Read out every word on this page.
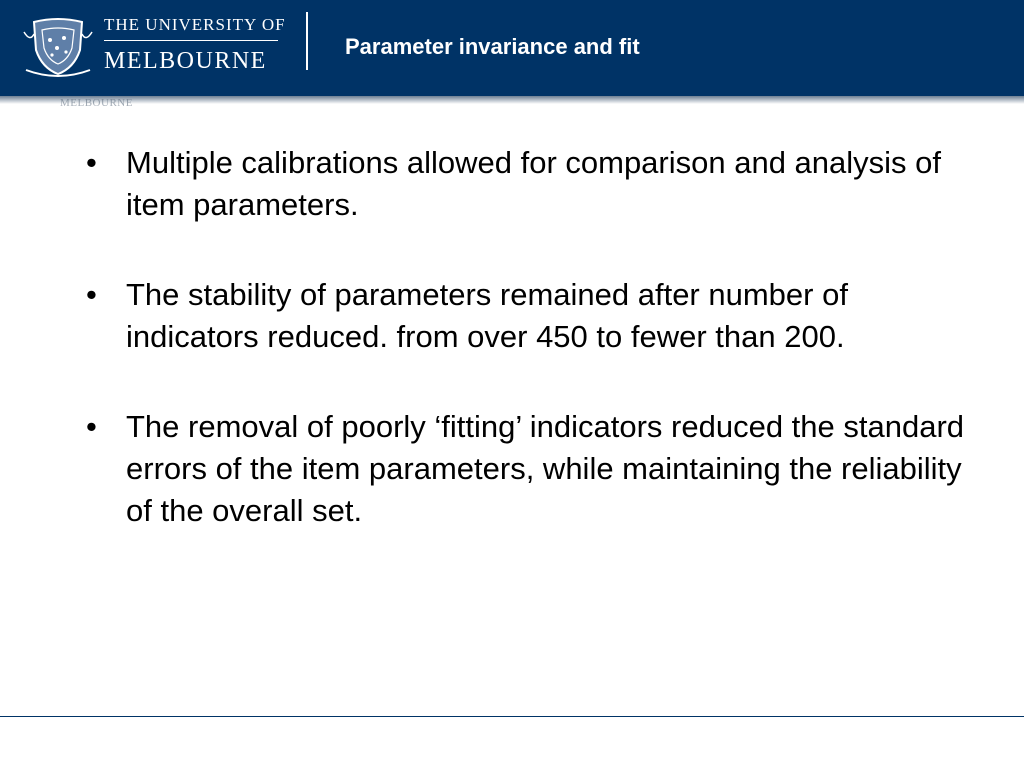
THE UNIVERSITY OF
MELBOURNE
Parameter invariance and fit
MELBOURNE
• Multiple calibrations allowed for comparison and analysis of item parameters.
• The stability of parameters remained after number of indicators reduced. from over 450 to fewer than 200.
• The removal of poorly ‘fitting’ indicators reduced the standard errors of the item parameters, while maintaining the reliability of the overall set.
